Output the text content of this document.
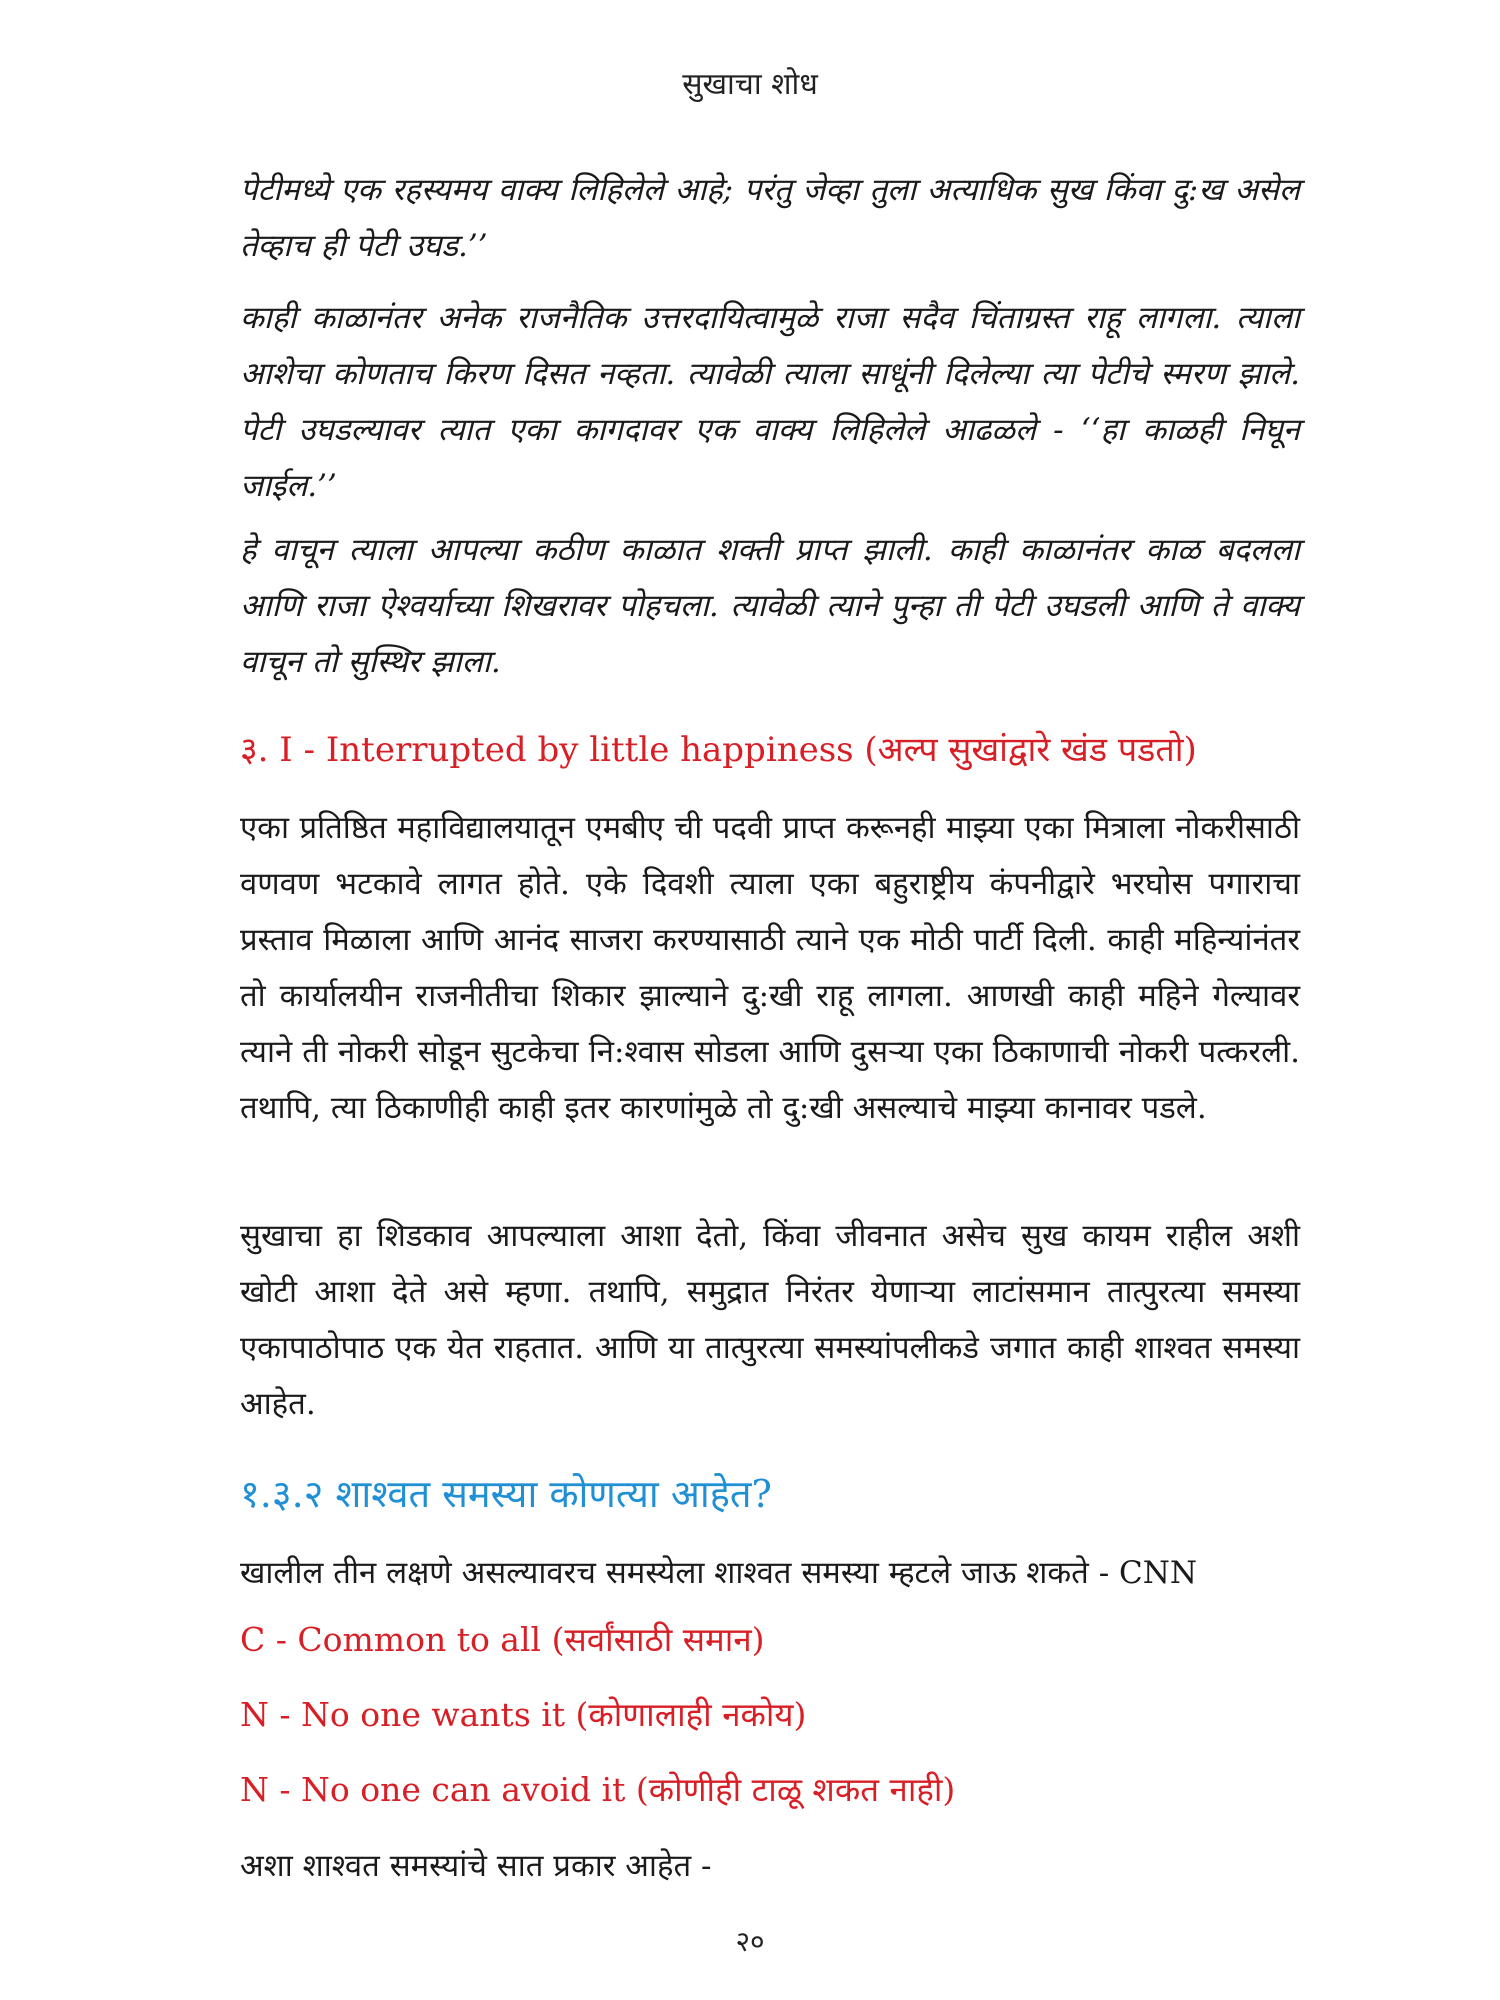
सुखाचा शोध

पेटीमध्ये एक रहस्यमय वाक्य लिहिलेले आहे; परंतु जेव्हा तुला अत्याधिक सुख किंवा दु:ख असेल तेव्हाच ही पेटी उघड.’’

काही काळानंतर अनेक राजनैतिक उत्तरदायित्वामुळे राजा सदैव चिंताग्रस्त राहू लागला. त्याला आशेचा कोणताच किरण दिसत नव्हता. त्यावेळी त्याला साधूंनी दिलेल्या त्या पेटीचे स्मरण झाले. पेटी उघडल्यावर त्यात एका कागदावर एक वाक्य लिहिलेले आढळले - ‘‘हा काळही निघून जाईल.’’

हे वाचून त्याला आपल्या कठीण काळात शक्ती प्राप्त झाली. काही काळानंतर काळ बदलला आणि राजा ऐश्वर्याच्या शिखरावर पोहचला. त्यावेळी त्याने पुन्हा ती पेटी उघडली आणि ते वाक्य वाचून तो सुस्थिर झाला.

३. I - Interrupted by little happiness (अल्प सुखांद्वारे खंड पडतो)

एका प्रतिष्ठित महाविद्यालयातून एमबीए ची पदवी प्राप्त करूनही माझ्या एका मित्राला नोकरीसाठी वणवण भटकावे लागत होते. एके दिवशी त्याला एका बहुराष्ट्रीय कंपनीद्वारे भरघोस पगाराचा प्रस्ताव मिळाला आणि आनंद साजरा करण्यासाठी त्याने एक मोठी पार्टी दिली. काही महिन्यांनंतर तो कार्यालयीन राजनीतीचा शिकार झाल्याने दु:खी राहू लागला. आणखी काही महिने गेल्यावर त्याने ती नोकरी सोडून सुटकेचा नि:श्वास सोडला आणि दुसऱ्या एका ठिकाणाची नोकरी पत्करली. तथापि, त्या ठिकाणीही काही इतर कारणांमुळे तो दु:खी असल्याचे माझ्या कानावर पडले.

सुखाचा हा शिडकाव आपल्याला आशा देतो, किंवा जीवनात असेच सुख कायम राहील अशी खोटी आशा देते असे म्हणा. तथापि, समुद्रात निरंतर येणाऱ्या लाटांसमान तात्पुरत्या समस्या एकापाठोपाठ एक येत राहतात. आणि या तात्पुरत्या समस्यांपलीकडे जगात काही शाश्वत समस्या आहेत.

१.३.२ शाश्वत समस्या कोणत्या आहेत?
खालील तीन लक्षणे असल्यावरच समस्येला शाश्वत समस्या म्हटले जाऊ शकते - CNN
C - Common to all (सर्वांसाठी समान)
N - No one wants it (कोणालाही नकोय)
N - No one can avoid it (कोणीही टाळू शकत नाही)
अशा शाश्वत समस्यांचे सात प्रकार आहेत -
२०
